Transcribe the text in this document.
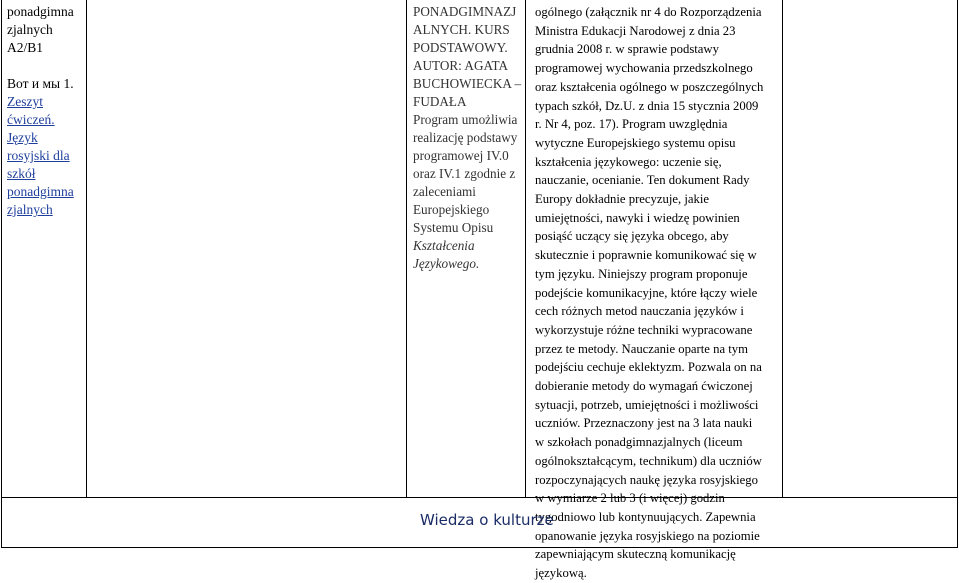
ponadgimna
zjalnych
A2/B1
Вот и мы 1.
Zeszyt
ćwiczeń.
Język
rosyjski dla
szkół
ponadgimna
zjalnych
PONADGIMNAZJ
ALNYCH. KURS
PODSTAWOWY.
AUTOR: AGATA
BUCHOWIECKA –
FUDAŁA
Program umożliwia
realizację podstawy
programowej IV.0
oraz IV.1 zgodnie z
zaleceniami
Europejskiego
Systemu Opisu
Kształcenia
Językowego.
ogólnego (załącznik nr 4 do Rozporządzenia
Ministra Edukacji Narodowej z dnia 23
grudnia 2008 r. w sprawie podstawy
programowej wychowania przedszkolnego
oraz kształcenia ogólnego w poszczególnych
typach szkół, Dz.U. z dnia 15 stycznia 2009
r. Nr 4, poz. 17). Program uwzględnia
wytyczne Europejskiego systemu opisu
kształcenia językowego: uczenie się,
nauczanie, ocenianie. Ten dokument Rady
Europy dokładnie precyzuje, jakie
umiejętności, nawyki i wiedzę powinien
posiąść uczący się języka obcego, aby
skutecznie i poprawnie komunikować się w
tym języku. Niniejszy program proponuje
podejście komunikacyjne, które łączy wiele
cech różnych metod nauczania języków i
wykorzystuje różne techniki wypracowane
przez te metody. Nauczanie oparte na tym
podejściu cechuje eklektyzm. Pozwala on na
dobieranie metody do wymagań ćwiczonej
sytuacji, potrzeb, umiejętności i możliwości
uczniów. Przeznaczony jest na 3 lata nauki
w szkołach ponadgimnazjalnych (liceum
ogólnokształcącym, technikum) dla uczniów
rozpoczynających naukę języka rosyjskiego
w wymiarze 2 lub 3 (i więcej) godzin
tygodniowo lub kontynuujących. Zapewnia
opanowanie języka rosyjskiego na poziomie
zapewniającym skuteczną komunikację
językową.
Wiedza o kulturze
